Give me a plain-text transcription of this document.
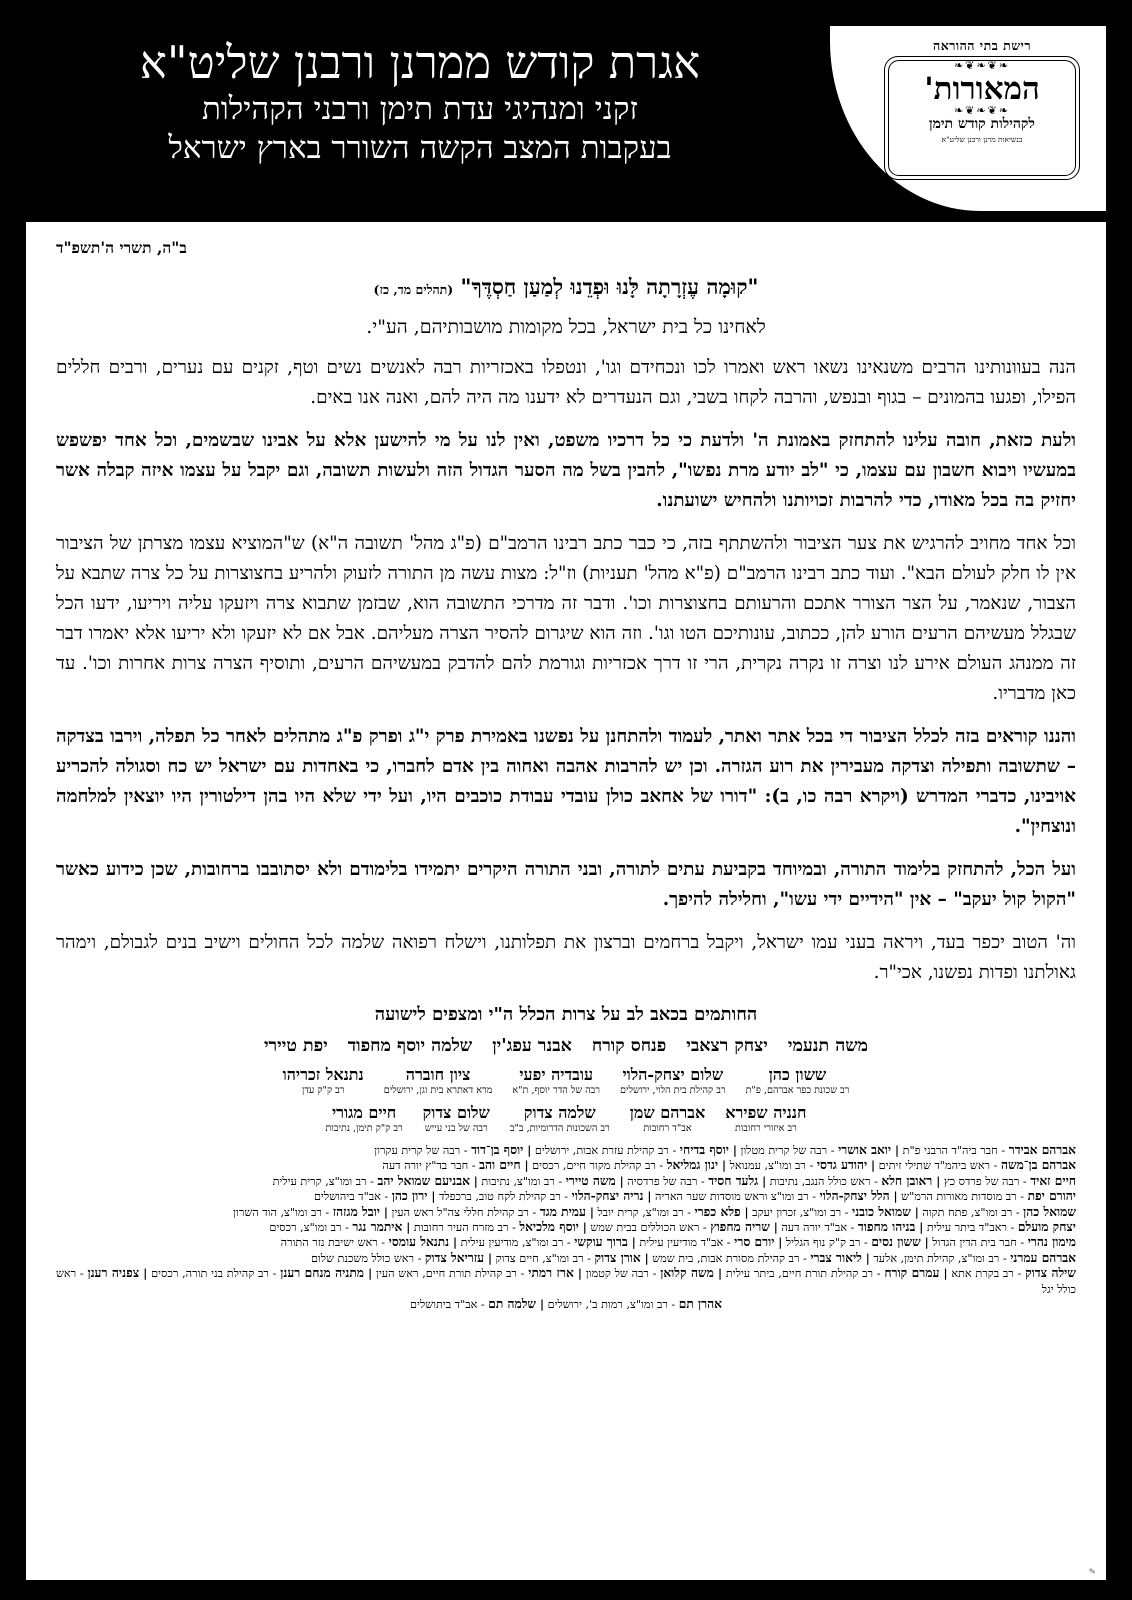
רישת בתי ההוראה
❧❦❧❦❧
המאורות'
❧❦❧❦❧
לקהילות קודש תימן
בנשיאות מרנן ורבנן שליט"א
אגרת קודש ממרנן ורבנן שליט"א
זקני ומנהיגי עדת תימן ורבני הקהילות
בעקבות המצב הקשה השורר בארץ ישראל
ב"ה, תשרי ה'תשפ"ד
"קוּמָה עֶזְרָתָה לָּנוּ וּפְדֵנוּ לְמַעַן חַסְדֶּךָ" (תהלים מד, כז)
לאחינו כל בית ישראל, בכל מקומות מושבותיהם, הע"י.

הנה בעוונותינו הרבים משנאינו נשאו ראש ואמרו לכו ונכחידם וגו', ונטפלו באכזריות רבה לאנשים נשים וטף, זקנים עם נערים, ורבים חללים הפילו, ופגעו בהמונים – בגוף ובנפש, והרבה לקחו בשבי, וגם הנעדרים לא ידענו מה היה להם, ואנה אנו באים.

ולעת כזאת, חובה עלינו להתחזק באמונת ה' ולדעת כי כל דרכיו משפט, ואין לנו על מי להישען אלא על אבינו שבשמים, וכל אחד יפשפש במעשיו ויבוא חשבון עם עצמו, כי "לב יודע מרת נפשו", להבין בשל מה הסער הגדול הזה ולעשות תשובה, וגם יקבל על עצמו איזה קבלה אשר יחזיק בה בכל מאודו, כדי להרבות זכויותנו ולהחיש ישועתנו.

וכל אחד מחויב להרגיש את צער הציבור ולהשתתף בזה, כי כבר כתב רבינו הרמב"ם (פ"ג מהל' תשובה ה"א) ש"המוציא עצמו מצרתן של הציבור אין לו חלק לעולם הבא". ועוד כתב רבינו הרמב"ם (פ"א מהל' תעניות) וז"ל: מצות עשה מן התורה לזעוק ולהריע בחצוצרות על כל צרה שתבא על הצבור, שנאמר, על הצר הצורר אתכם והרעותם בחצוצרות וכו'. ודבר זה מדרכי התשובה הוא, שבזמן שתבוא צרה ויזעקו עליה ויריעו, ידעו הכל שבגלל מעשיהם הרעים הורע להן, ככתוב, עונותיכם הטו וגו'. וזה הוא שיגרום להסיר הצרה מעליהם. אבל אם לא יזעקו ולא יריעו אלא יאמרו דבר זה ממנהג העולם אירע לנו וצרה זו נקרה נקרית, הרי זו דרך אכזריות וגורמת להם להדבק במעשיהם הרעים, ותוסיף הצרה צרות אחרות וכו'. עד כאן מדבריו.

והננו קוראים בזה לכלל הציבור די בכל אתר ואתר, לעמוד ולהתחנן על נפשנו באמירת פרק י"ג ופרק פ"ג מתהלים לאחר כל תפלה, וירבו בצדקה – שתשובה ותפילה וצדקה מעבירין את רוע הגזרה. וכן יש להרבות אהבה ואחוה בין אדם לחברו, כי באחדות עם ישראל יש כח וסגולה להכריע אויבינו, כדברי המדרש (ויקרא רבה כו, ב): "דורו של אחאב כולן עובדי עבודת כוכבים היו, ועל ידי שלא היו בהן דילטורין היו יוצאין למלחמה ונוצחין".

ועל הכל, להתחזק בלימוד התורה, ובמיוחד בקביעת עתים לתורה, ובני התורה היקרים יתמידו בלימודם ולא יסתובבו ברחובות, שכן כידוע כאשר "הקול קול יעקב" – אין "הידיים ידי עשו", וחלילה להיפך.

וה' הטוב יכפר בעד, ויראה בעני עמו ישראל, ויקבל ברחמים וברצון את תפלותנו, וישלח רפואה שלמה לכל החולים וישיב בנים לגבולם, וימהר גאולתנו ופדות נפשנו, אכי"ר.

החותמים בכאב לב על צרות הכלל ה"י ומצפים לישועה
משה תנעמי
יצחק רצאבי
פנחס קורח
אבנר עפג'ין
שלמה יוסף מחפוד
יפת טיירי
ששון כהן
רב שכונת כפר אברהם, פ"ת
שלום יצחק-הלוי
רב קהילת בית הלוי, ירושלים
עובדיה יפעי
רבה של הדר יוסף, ת"א
ציון חוברה
מרא דאתרא בית וגן, ירושלים
נתנאל זכריהו
רב ק"ק עדן
חנניה שפירא
רב איזורי רחובות
אברהם שמן
אב"ד רחובות
שלמה צדוק
רב השכונות הדרומיות, ב"ב
שלום צדוק
רבה של בני עייש
חיים מגורי
רב ק"ק תימן, נתיבות
אברהם אבידר - חבר ביה"ד הרבני פ"ת | יואב אושרי - רבה של קרית מטלון | יוסף בדיחי - רב קהילת עזרת אבות, ירושלים | יוסף בן־דוד - רבה של קרית עקרון
אברהם בן־משה - ראש ביהמ"ד שתילי זיתים | יהודע גדסי - רב ומו"צ, עמנואל | ינון גמליאל - רב קהילת מקור חיים, רכסים | חיים והב - חבר בד"ץ יורה דעה
חיים זאיד - רבה של פרדס כץ | ראובן חלא - ראש כולל הנגב, נתיבות | גלעד חסיד - רבה של פרדסיה | משה טיירי - רב ומו"צ, נתיבות | אבניעם שמואל יהב - רב ומו"צ, קרית עילית
יהורם יפת - רב מוסדות מאורות הרמ"ש | הלל יצחק-הלוי - רב ומו"צ וראש מוסדות שער האריה | נריה יצחק-הלוי - רב קהילת לקח טוב, ברכפלד | ירון כהן - אב"ד ביהושלים
שמואל כהן - רב ומו"צ, פתח תקוה | שמואל כובני - רב ומו"צ, זכרון יעקב | פלא כפרי - רב ומו"צ, קרית יובל | עמית מגד - רב קהילת חללי צה"ל ראש העין | יובל מגזהז - רב ומו"צ, הוד השרון
יצחק מועלם - ראב"ד ביתר עילית | בניהו מחפוד - אב"ד יורה דעה | שריה מחפוץ - ראש הכוללים בבית שמש | יוסף מלכיאל - רב מזרח העיר רחובות | איתמר נגר - רב ומו"צ, רכסים
מימון נהרי - חבר בית הדין הגדול | ששון נסים - רב ק"ק נוף הגליל | יורם סרי - אב"ד מודיעין עילית | ברוך עוקשי - רב ומו"צ, מודיעין עילית | נתנאל עומסי - ראש ישיבת נזר התורה
אברהם עמרני - רב ומו"צ, קהילת תימן, אלעד | ליאור צברי - רב קהילת מסורת אבות, בית שמש | אורן צדוק - רב ומו"צ, חיים צדוק | עזריאל צדוק - ראש כולל משכנת שלום
שילה צדוק - רב בקרת אתא | עמרם קורח - רב קהילת תורת חיים, ביתר עילית | משה קלואן - רבה של קטמון | ארז רמתי - רב קהילת תורת חיים, ראש העין | מתניה מנחם רענן - רב קהילת בני תורה, רכסים | צפניה רענן - ראש כולל יגל
אהרן תם - רב ומו"צ, רמות ב', ירושלים | שלמה תם - אב"ד ביתושלים
✎
